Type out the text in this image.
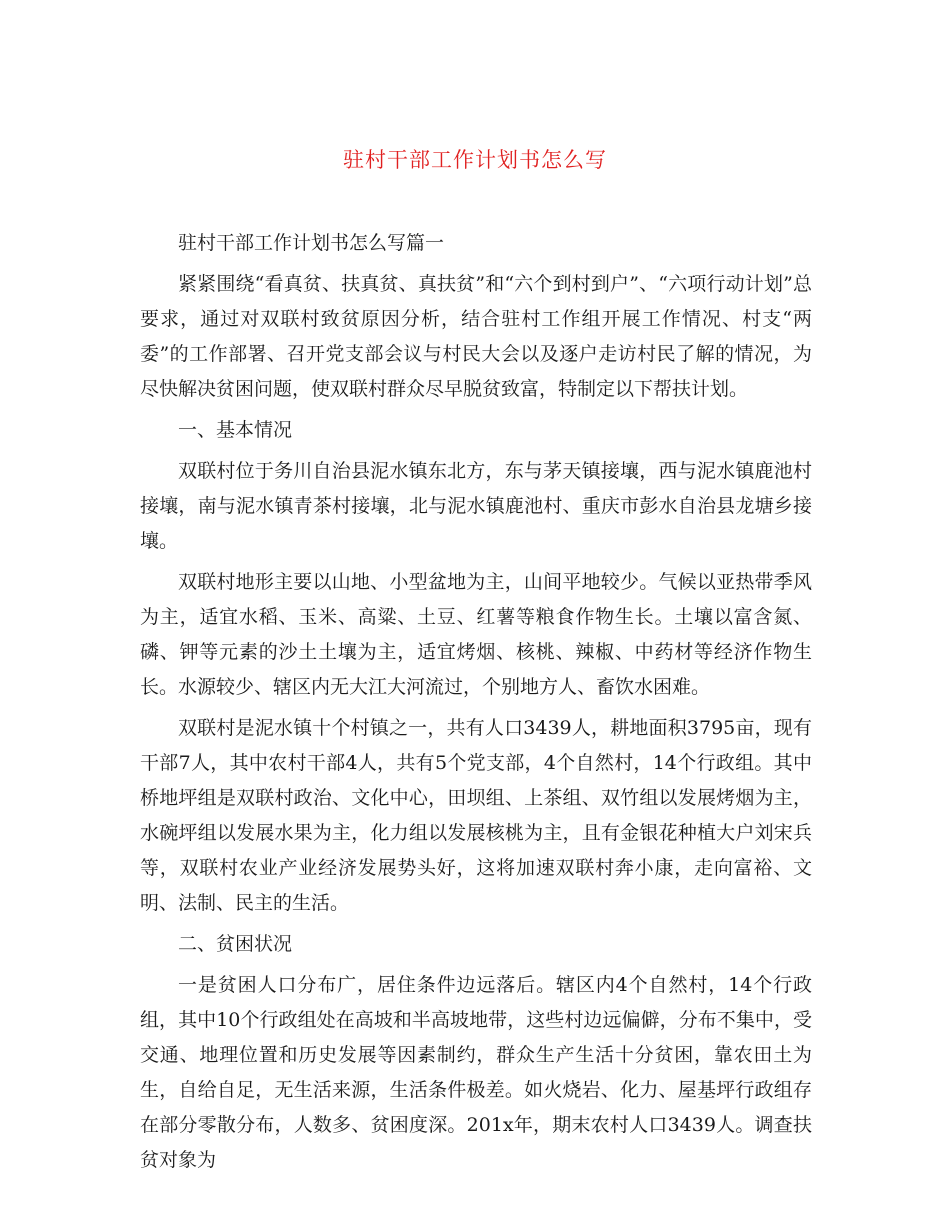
驻村干部工作计划书怎么写

驻村干部工作计划书怎么写篇一

紧紧围绕“看真贫、扶真贫、真扶贫”和“六个到村到户”、“六项行动计划”总要求，通过对双联村致贫原因分析，结合驻村工作组开展工作情况、村支“两委”的工作部署、召开党支部会议与村民大会以及逐户走访村民了解的情况，为尽快解决贫困问题，使双联村群众尽早脱贫致富，特制定以下帮扶计划。

一、基本情况

双联村位于务川自治县泥水镇东北方，东与茅天镇接壤，西与泥水镇鹿池村接壤，南与泥水镇青茶村接壤，北与泥水镇鹿池村、重庆市彭水自治县龙塘乡接壤。

双联村地形主要以山地、小型盆地为主，山间平地较少。气候以亚热带季风为主，适宜水稻、玉米、高粱、土豆、红薯等粮食作物生长。土壤以富含氮、磷、钾等元素的沙土土壤为主，适宜烤烟、核桃、辣椒、中药材等经济作物生长。水源较少、辖区内无大江大河流过，个别地方人、畜饮水困难。

双联村是泥水镇十个村镇之一，共有人口3439人，耕地面积3795亩，现有干部7人，其中农村干部4人，共有5个党支部，4个自然村，14个行政组。其中桥地坪组是双联村政治、文化中心，田坝组、上茶组、双竹组以发展烤烟为主，水碗坪组以发展水果为主，化力组以发展核桃为主，且有金银花种植大户刘宋兵等，双联村农业产业经济发展势头好，这将加速双联村奔小康，走向富裕、文明、法制、民主的生活。

二、贫困状况

一是贫困人口分布广，居住条件边远落后。辖区内4个自然村，14个行政组，其中10个行政组处在高坡和半高坡地带，这些村边远偏僻，分布不集中，受交通、地理位置和历史发展等因素制约，群众生产生活十分贫困，靠农田土为生，自给自足，无生活来源，生活条件极差。如火烧岩、化力、屋基坪行政组存在部分零散分布，人数多、贫困度深。201x年，期末农村人口3439人。调查扶贫对象为
